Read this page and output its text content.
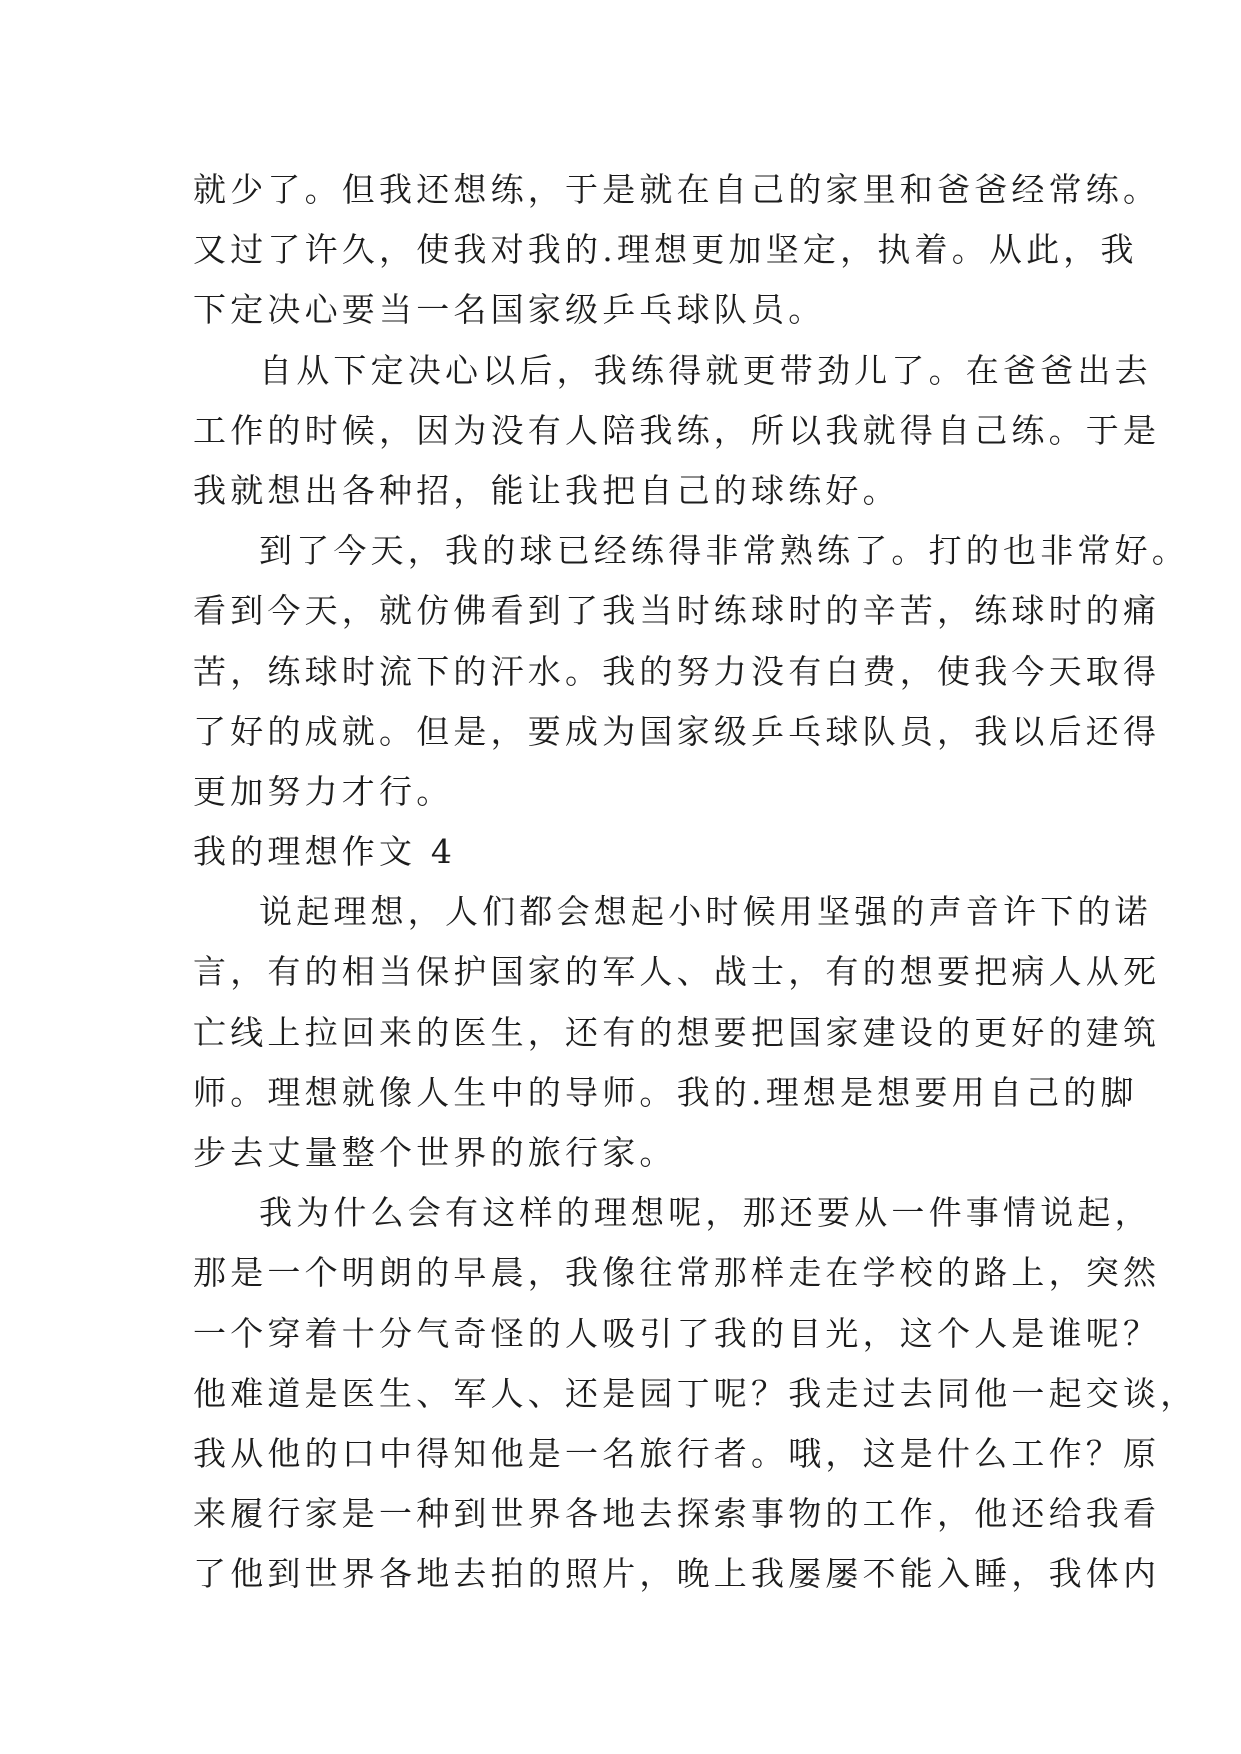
就少了。但我还想练，于是就在自己的家里和爸爸经常练。
又过了许久，使我对我的.理想更加坚定，执着。从此，我
下定决心要当一名国家级乒乓球队员。
自从下定决心以后，我练得就更带劲儿了。在爸爸出去
工作的时候，因为没有人陪我练，所以我就得自己练。于是
我就想出各种招，能让我把自己的球练好。
到了今天，我的球已经练得非常熟练了。打的也非常好。
看到今天，就仿佛看到了我当时练球时的辛苦，练球时的痛
苦，练球时流下的汗水。我的努力没有白费，使我今天取得
了好的成就。但是，要成为国家级乒乓球队员，我以后还得
更加努力才行。
我的理想作文 4
说起理想，人们都会想起小时候用坚强的声音许下的诺
言，有的相当保护国家的军人、战士，有的想要把病人从死
亡线上拉回来的医生，还有的想要把国家建设的更好的建筑
师。理想就像人生中的导师。我的.理想是想要用自己的脚
步去丈量整个世界的旅行家。
我为什么会有这样的理想呢，那还要从一件事情说起，
那是一个明朗的早晨，我像往常那样走在学校的路上，突然
一个穿着十分气奇怪的人吸引了我的目光，这个人是谁呢？
他难道是医生、军人、还是园丁呢？我走过去同他一起交谈，
我从他的口中得知他是一名旅行者。哦，这是什么工作？原
来履行家是一种到世界各地去探索事物的工作，他还给我看
了他到世界各地去拍的照片，晚上我屡屡不能入睡，我体内
